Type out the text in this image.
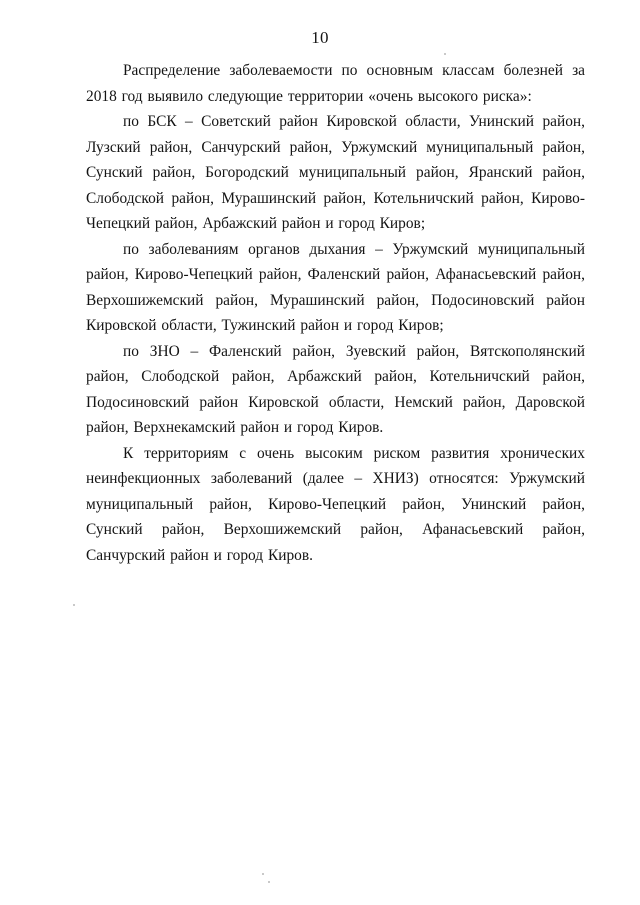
10

Распределение заболеваемости по основным классам болезней за 2018 год выявило следующие территории «очень высокого риска»:

по БСК – Советский район Кировской области, Унинский район, Лузский район, Санчурский район, Уржумский муниципальный район, Сунский район, Богородский муниципальный район, Яранский район, Слободской район, Мурашинский район, Котельничский район, Кирово-Чепецкий район, Арбажский район и город Киров;

по заболеваниям органов дыхания – Уржумский муниципальный район, Кирово-Чепецкий район, Фаленский район, Афанасьевский район, Верхошижемский район, Мурашинский район, Подосиновский район Кировской области, Тужинский район и город Киров;

по ЗНО – Фаленский район, Зуевский район, Вятскополянский район, Слободской район, Арбажский район, Котельничский район, Подосиновский район Кировской области, Немский район, Даровской район, Верхнекамский район и город Киров.

К территориям с очень высоким риском развития хронических неинфекционных заболеваний (далее – ХНИЗ) относятся: Уржумский муниципальный район, Кирово-Чепецкий район, Унинский район, Сунский район, Верхошижемский район, Афанасьевский район, Санчурский район и город Киров.
